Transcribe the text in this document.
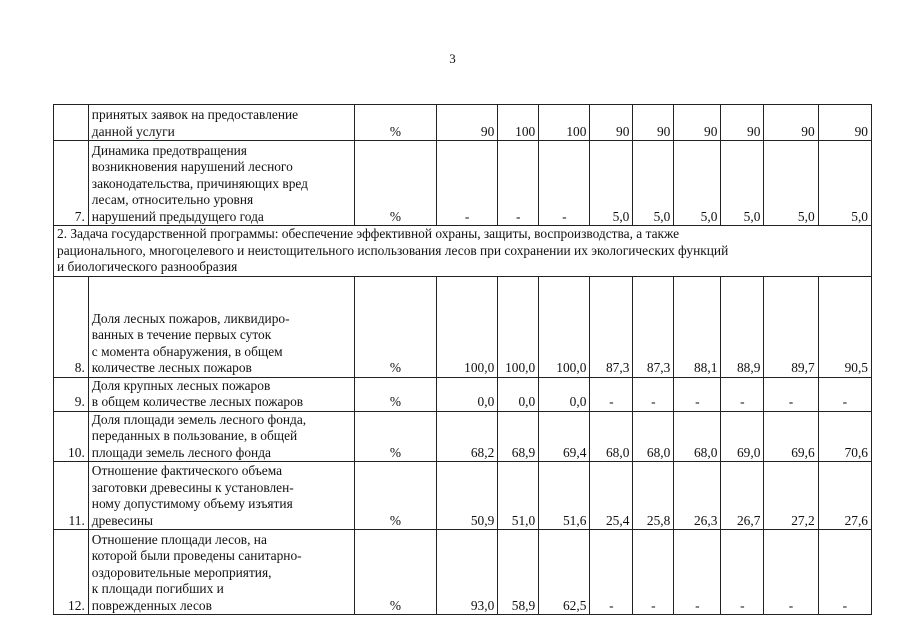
3
	принятых заявок на предоставление
данной услуги	%	90	100	100	90	90	90	90	90	90
7.	Динамика предотвращения
возникновения нарушений лесного
законодательства, причиняющих вред
лесам, относительно уровня
нарушений предыдущего года	%	-	-	-	5,0	5,0	5,0	5,0	5,0	5,0
2. Задача государственной программы: обеспечение эффективной охраны, защиты, воспроизводства, а также
рационального, многоцелевого и неистощительного использования лесов при сохранении их экологических функций
и биологического разнообразия											
8.	Доля лесных пожаров, ликвидиро-
ванных в течение первых суток
с момента обнаружения, в общем
количестве лесных пожаров	%	100,0	100,0	100,0	87,3	87,3	88,1	88,9	89,7	90,5
9.	Доля крупных лесных пожаров
в общем количестве лесных пожаров	%	0,0	0,0	0,0	-	-	-	-	-	-
10.	Доля площади земель лесного фонда,
переданных в пользование, в общей
площади земель лесного фонда	%	68,2	68,9	69,4	68,0	68,0	68,0	69,0	69,6	70,6
11.	Отношение фактического объема
заготовки древесины к установлен-
ному допустимому объему изъятия
древесины	%	50,9	51,0	51,6	25,4	25,8	26,3	26,7	27,2	27,6
12.	Отношение площади лесов, на
которой были проведены санитарно-
оздоровительные мероприятия,
к площади погибших и
поврежденных лесов	%	93,0	58,9	62,5	-	-	-	-	-	-
